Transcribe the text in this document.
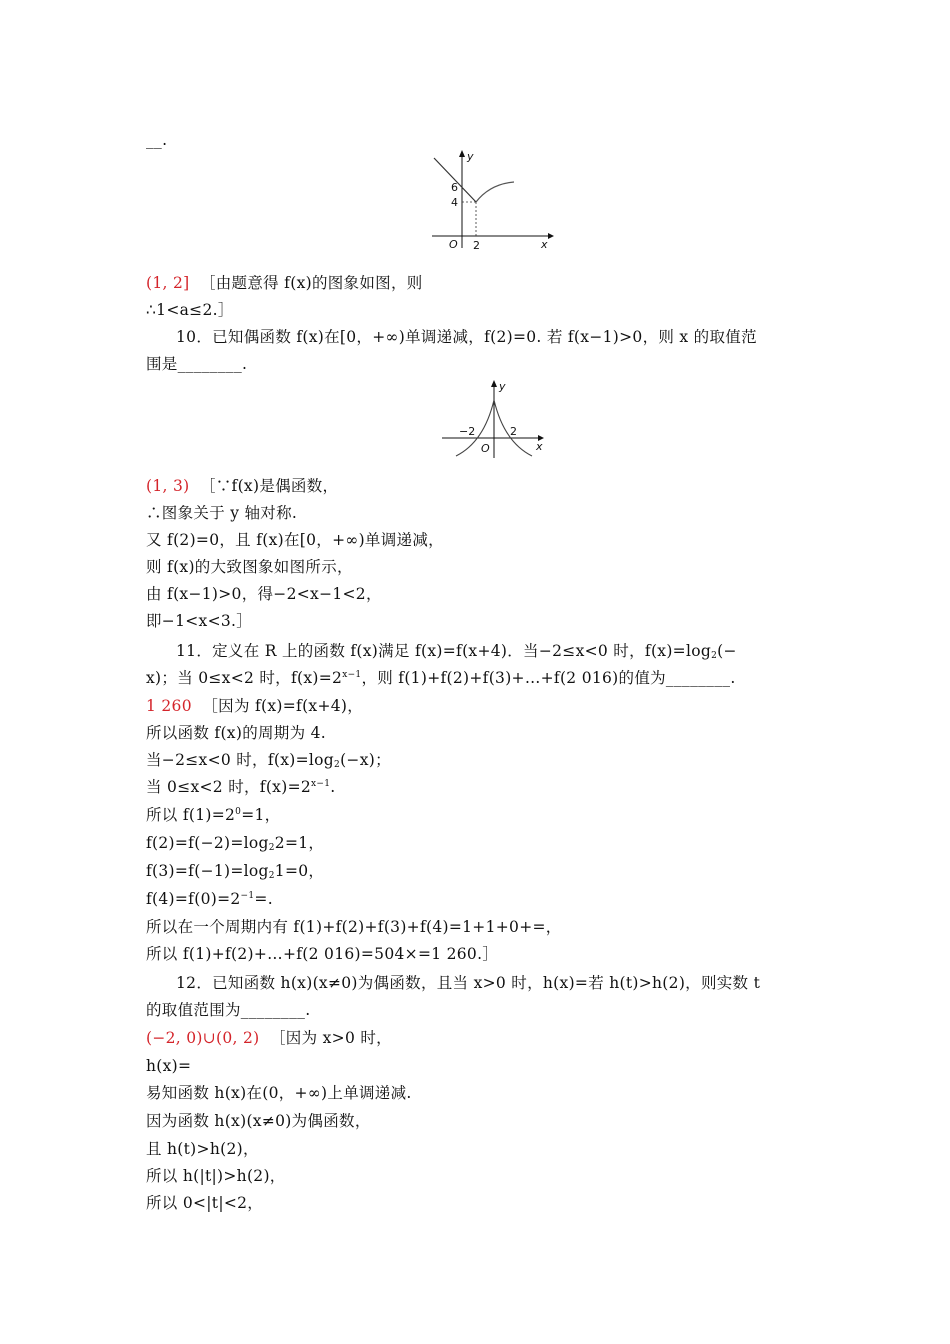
__.
y
x
O
6
4
2
(1, 2] ［由题意得 f(x)的图象如图，则
∴1<a≤2.］
10．已知偶函数 f(x)在[0，+∞)单调递减，f(2)=0. 若 f(x−1)>0，则 x 的取值范
围是________.
y
x
O
−2	2
(1, 3) ［∵f(x)是偶函数，
∴图象关于 y 轴对称.
又 f(2)=0，且 f(x)在[0，+∞)单调递减，
则 f(x)的大致图象如图所示，
由 f(x−1)>0，得−2<x−1<2，
即−1<x<3.］
11．定义在 R 上的函数 f(x)满足 f(x)=f(x+4)．当−2≤x<0 时，$f(x)=\log_2(-$
x)；当 0≤x<2 时，$f(x)=2^{x-1}$，则 f(1)+f(2)+f(3)+…+f(2 016)的值为________.
1 260 ［因为 f(x)=f(x+4)，
所以函数 f(x)的周期为 4.
当−2≤x<0 时，$f(x)=\log_2(-x)$；
当 0≤x<2 时，$f(x)=2^{x-1}$.
所以 $f(1)=2^0=1$，
$f(2)=f(-2)=\log_22=1$，
$f(3)=f(-1)=\log_21=0$，
$f(4)=f(0)=2^{-1}=$.
所以在一个周期内有 f(1)+f(2)+f(3)+f(4)=1+1+0+=，
所以 f(1)+f(2)+…+f(2 016)=504×=1 260.］
12．已知函数 h(x)(x≠0)为偶函数，且当 x>0 时，h(x)=若 h(t)>h(2)，则实数 t
的取值范围为________.
(−2, 0)∪(0, 2) ［因为 x>0 时，
h(x)=
易知函数 h(x)在(0，+∞)上单调递减.
因为函数 h(x)(x≠0)为偶函数，
且 h(t)>h(2)，
所以 h(|t|)>h(2)，
所以 0<|t|<2，
